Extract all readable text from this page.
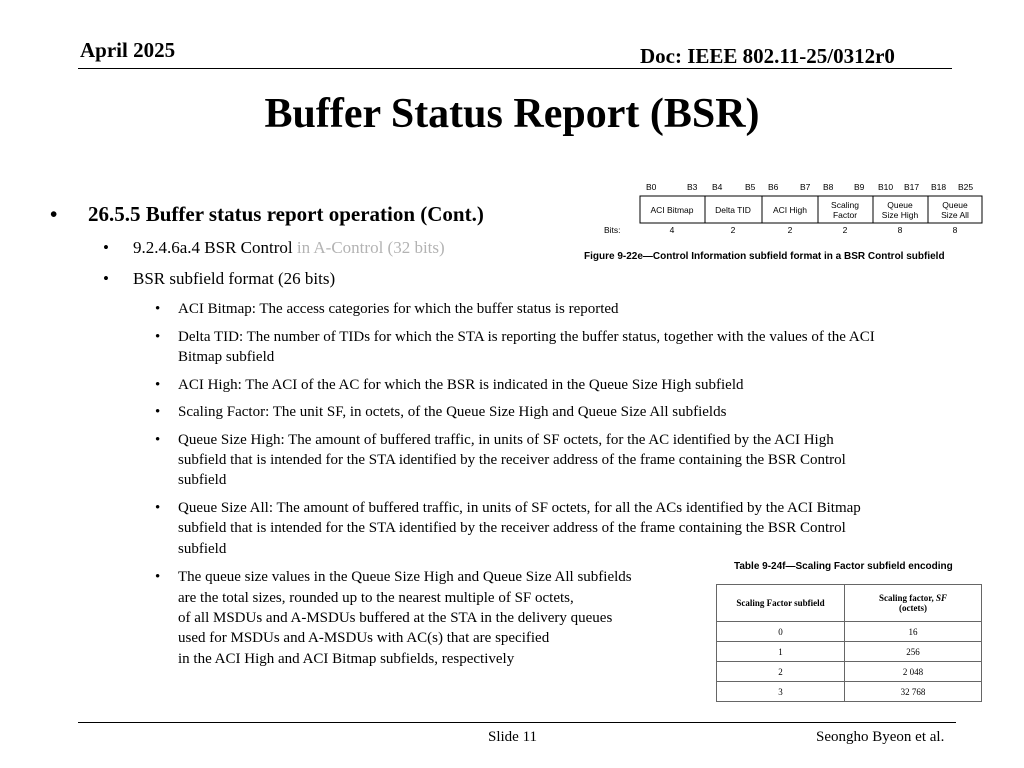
April 2025	Doc: IEEE 802.11-25/0312r0
Buffer Status Report (BSR)
• 26.5.5 Buffer status report operation (Cont.)
• 9.2.4.6a.4 BSR Control in A-Control (32 bits)
• BSR subfield format (26 bits)
• ACI Bitmap: The access categories for which the buffer status is reported
• Delta TID: The number of TIDs for which the STA is reporting the buffer status, together with the values of the ACI
Bitmap subfield
• ACI High: The ACI of the AC for which the BSR is indicated in the Queue Size High subfield
• Scaling Factor: The unit SF, in octets, of the Queue Size High and Queue Size All subfields
• Queue Size High: The amount of buffered traffic, in units of SF octets, for the AC identified by the ACI High
subfield that is intended for the STA identified by the receiver address of the frame containing the BSR Control
subfield
• Queue Size All: The amount of buffered traffic, in units of SF octets, for all the ACs identified by the ACI Bitmap
subfield that is intended for the STA identified by the receiver address of the frame containing the BSR Control
subfield
• The queue size values in the Queue Size High and Queue Size All subfields
are the total sizes, rounded up to the nearest multiple of SF octets,
of all MSDUs and A-MSDUs buffered at the STA in the delivery queues
used for MSDUs and A-MSDUs with AC(s) that are specified
in the ACI High and ACI Bitmap subfields, respectively
B0	B3 B4	B5 B6	B7 B8 B9 B10 B17 B18 B25
ACI Bitmap	Delta TID	ACI High	Scaling
Factor
Queue
Size High
Queue
Size All
Bits:	4	2	2	2	8	8
Figure 9-22e—Control Information subfield format in a BSR Control subfield
Table 9-24f—Scaling Factor subfield encoding
Scaling Factor subfield	Scaling factor, SF
(octets)
0	16
1	256
2	2 048
3	32 768
Slide 11	Seongho Byeon et al.
